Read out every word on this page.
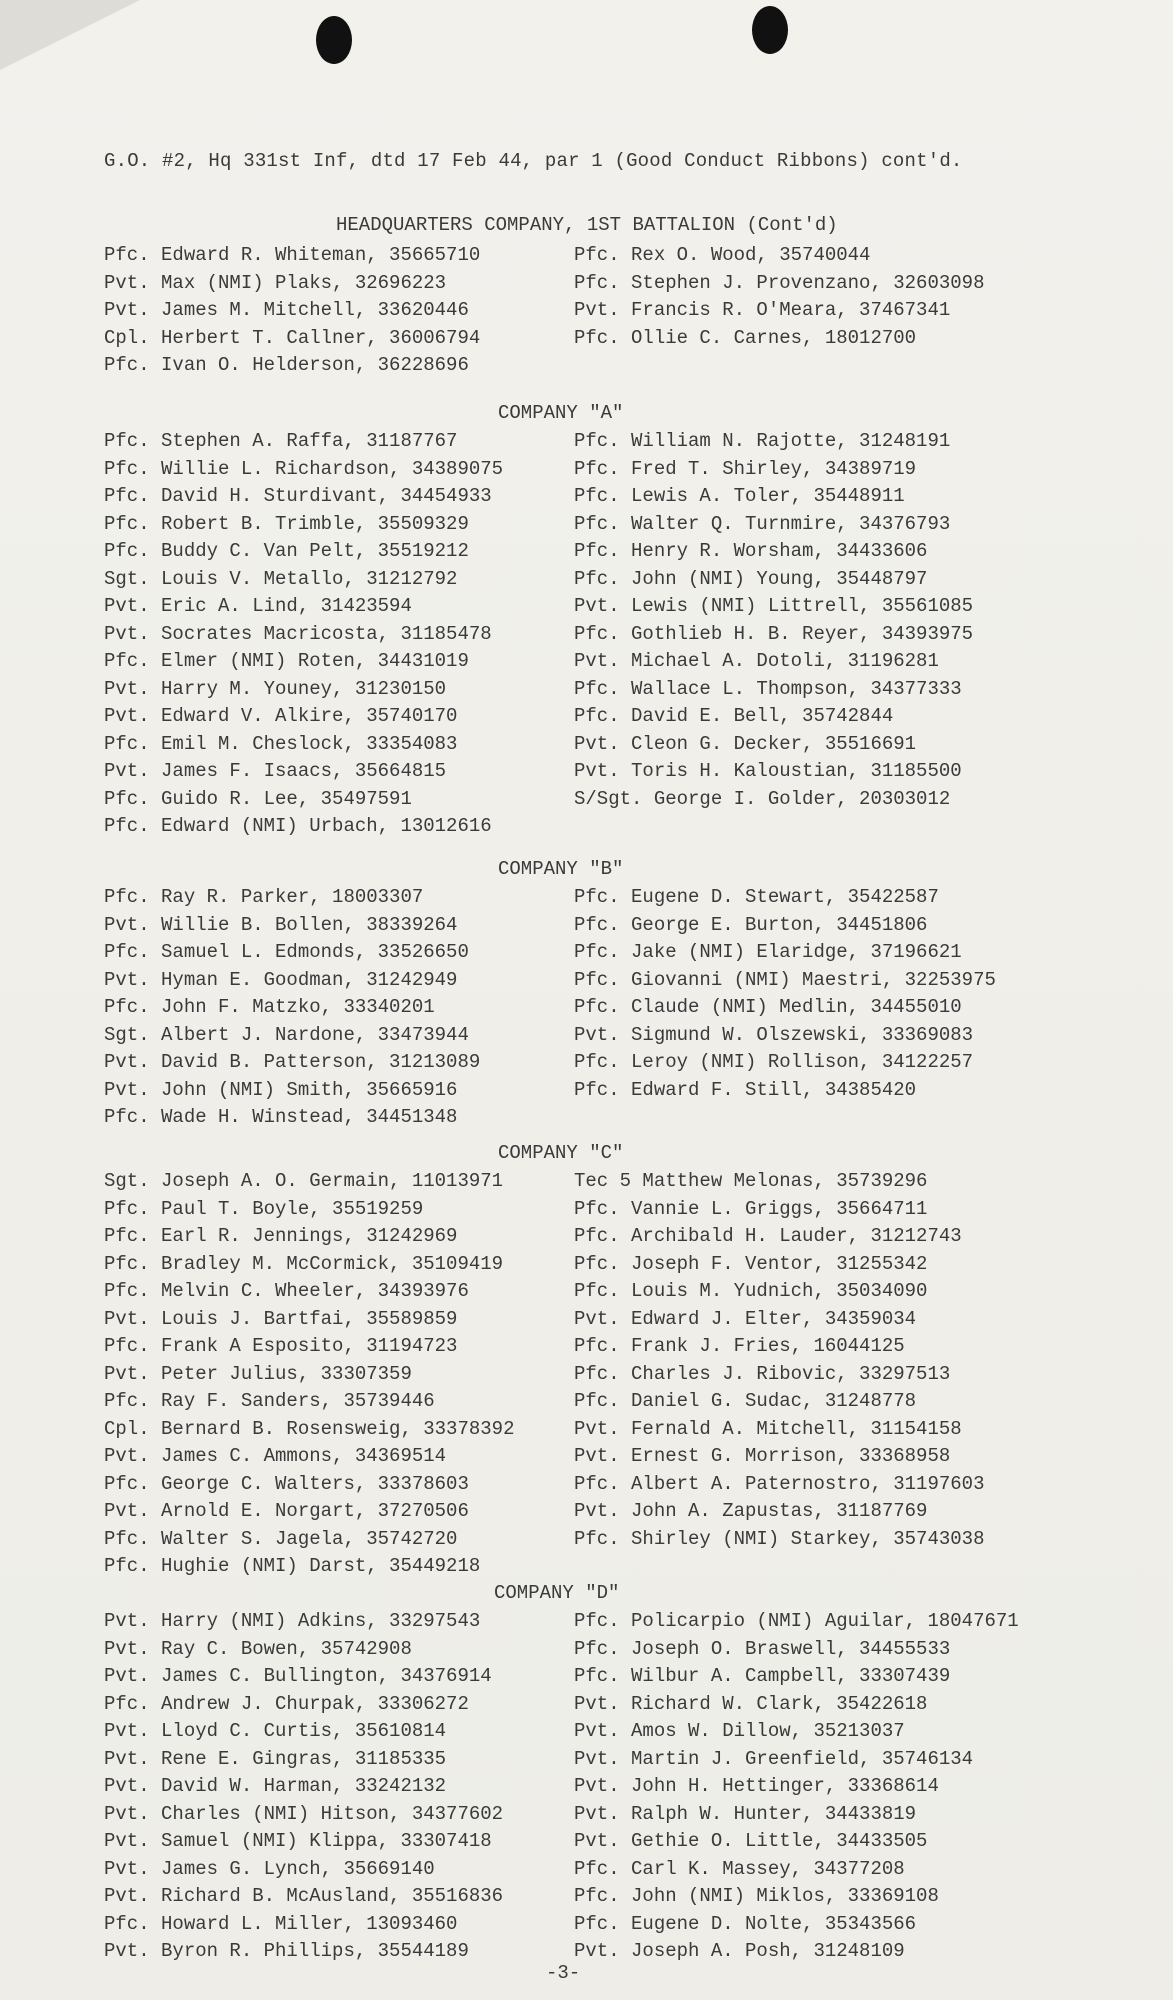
G.O. #2, Hq 331st Inf, dtd 17 Feb 44, par 1 (Good Conduct Ribbons) cont'd.
HEADQUARTERS COMPANY, 1ST BATTALION (Cont'd)
Pfc. Edward R. Whiteman, 35665710	Pfc. Rex O. Wood, 35740044
Pvt. Max (NMI) Plaks, 32696223	Pfc. Stephen J. Provenzano, 32603098
Pvt. James M. Mitchell, 33620446	Pvt. Francis R. O'Meara, 37467341
Cpl. Herbert T. Callner, 36006794	Pfc. Ollie C. Carnes, 18012700
Pfc. Ivan O. Helderson, 36228696
COMPANY "A"
Pfc. Stephen A. Raffa, 31187767	Pfc. William N. Rajotte, 31248191
Pfc. Willie L. Richardson, 34389075	Pfc. Fred T. Shirley, 34389719
Pfc. David H. Sturdivant, 34454933	Pfc. Lewis A. Toler, 35448911
Pfc. Robert B. Trimble, 35509329	Pfc. Walter Q. Turnmire, 34376793
Pfc. Buddy C. Van Pelt, 35519212	Pfc. Henry R. Worsham, 34433606
Sgt. Louis V. Metallo, 31212792	Pfc. John (NMI) Young, 35448797
Pvt. Eric A. Lind, 31423594	Pvt. Lewis (NMI) Littrell, 35561085
Pvt. Socrates Macricosta, 31185478	Pfc. Gothlieb H. B. Reyer, 34393975
Pfc. Elmer (NMI) Roten, 34431019	Pvt. Michael A. Dotoli, 31196281
Pvt. Harry M. Youney, 31230150	Pfc. Wallace L. Thompson, 34377333
Pvt. Edward V. Alkire, 35740170	Pfc. David E. Bell, 35742844
Pfc. Emil M. Cheslock, 33354083	Pvt. Cleon G. Decker, 35516691
Pvt. James F. Isaacs, 35664815	Pvt. Toris H. Kaloustian, 31185500
Pfc. Guido R. Lee, 35497591	S/Sgt. George I. Golder, 20303012
Pfc. Edward (NMI) Urbach, 13012616
COMPANY "B"
Pfc. Ray R. Parker, 18003307	Pfc. Eugene D. Stewart, 35422587
Pvt. Willie B. Bollen, 38339264	Pfc. George E. Burton, 34451806
Pfc. Samuel L. Edmonds, 33526650	Pfc. Jake (NMI) Elaridge, 37196621
Pvt. Hyman E. Goodman, 31242949	Pfc. Giovanni (NMI) Maestri, 32253975
Pfc. John F. Matzko, 33340201	Pfc. Claude (NMI) Medlin, 34455010
Sgt. Albert J. Nardone, 33473944	Pvt. Sigmund W. Olszewski, 33369083
Pvt. David B. Patterson, 31213089	Pfc. Leroy (NMI) Rollison, 34122257
Pvt. John (NMI) Smith, 35665916	Pfc. Edward F. Still, 34385420
Pfc. Wade H. Winstead, 34451348
COMPANY "C"
Sgt. Joseph A. O. Germain, 11013971	Tec 5 Matthew Melonas, 35739296
Pfc. Paul T. Boyle, 35519259	Pfc. Vannie L. Griggs, 35664711
Pfc. Earl R. Jennings, 31242969	Pfc. Archibald H. Lauder, 31212743
Pfc. Bradley M. McCormick, 35109419	Pfc. Joseph F. Ventor, 31255342
Pfc. Melvin C. Wheeler, 34393976	Pfc. Louis M. Yudnich, 35034090
Pvt. Louis J. Bartfai, 35589859	Pvt. Edward J. Elter, 34359034
Pfc. Frank A Esposito, 31194723	Pfc. Frank J. Fries, 16044125
Pvt. Peter Julius, 33307359	Pfc. Charles J. Ribovic, 33297513
Pfc. Ray F. Sanders, 35739446	Pfc. Daniel G. Sudac, 31248778
Cpl. Bernard B. Rosensweig, 33378392	Pvt. Fernald A. Mitchell, 31154158
Pvt. James C. Ammons, 34369514	Pvt. Ernest G. Morrison, 33368958
Pfc. George C. Walters, 33378603	Pfc. Albert A. Paternostro, 31197603
Pvt. Arnold E. Norgart, 37270506	Pvt. John A. Zapustas, 31187769
Pfc. Walter S. Jagela, 35742720	Pfc. Shirley (NMI) Starkey, 35743038
Pfc. Hughie (NMI) Darst, 35449218
COMPANY "D"
Pvt. Harry (NMI) Adkins, 33297543	Pfc. Policarpio (NMI) Aguilar, 18047671
Pvt. Ray C. Bowen, 35742908	Pfc. Joseph O. Braswell, 34455533
Pvt. James C. Bullington, 34376914	Pfc. Wilbur A. Campbell, 33307439
Pfc. Andrew J. Churpak, 33306272	Pvt. Richard W. Clark, 35422618
Pvt. Lloyd C. Curtis, 35610814	Pvt. Amos W. Dillow, 35213037
Pvt. Rene E. Gingras, 31185335	Pvt. Martin J. Greenfield, 35746134
Pvt. David W. Harman, 33242132	Pvt. John H. Hettinger, 33368614
Pvt. Charles (NMI) Hitson, 34377602	Pvt. Ralph W. Hunter, 34433819
Pvt. Samuel (NMI) Klippa, 33307418	Pvt. Gethie O. Little, 34433505
Pvt. James G. Lynch, 35669140	Pfc. Carl K. Massey, 34377208
Pvt. Richard B. McAusland, 35516836	Pfc. John (NMI) Miklos, 33369108
Pfc. Howard L. Miller, 13093460	Pfc. Eugene D. Nolte, 35343566
Pvt. Byron R. Phillips, 35544189	Pvt. Joseph A. Posh, 31248109
-3-
